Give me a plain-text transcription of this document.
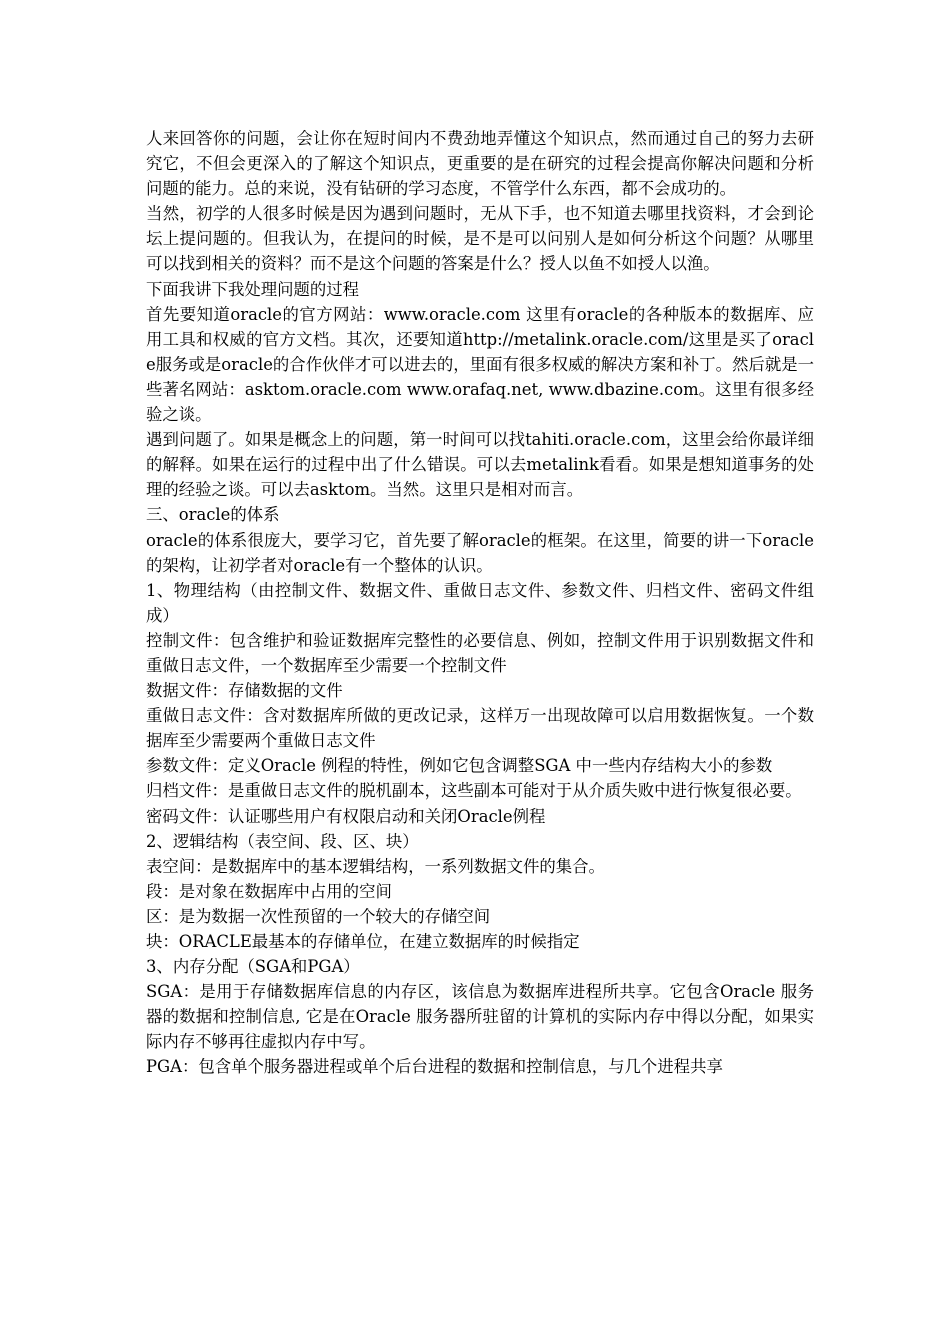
人来回答你的问题，会让你在短时间内不费劲地弄懂这个知识点，然而通过自己的努力去研究它，不但会更深入的了解这个知识点，更重要的是在研究的过程会提高你解决问题和分析问题的能力。总的来说，没有钻研的学习态度，不管学什么东西，都不会成功的。

当然，初学的人很多时候是因为遇到问题时，无从下手，也不知道去哪里找资料，才会到论坛上提问题的。但我认为，在提问的时候，是不是可以问别人是如何分析这个问题？从哪里可以找到相关的资料？而不是这个问题的答案是什么？授人以鱼不如授人以渔。

下面我讲下我处理问题的过程

首先要知道oracle的官方网站：www.oracle.com 这里有oracle的各种版本的数据库、应用工具和权威的官方文档。其次，还要知道http://metalink.oracle.com/这里是买了oracle服务或是oracle的合作伙伴才可以进去的，里面有很多权威的解决方案和补丁。然后就是一些著名网站：asktom.oracle.com www.orafaq.net, www.dbazine.com。这里有很多经验之谈。

遇到问题了。如果是概念上的问题，第一时间可以找tahiti.oracle.com，这里会给你最详细的解释。如果在运行的过程中出了什么错误。可以去metalink看看。如果是想知道事务的处理的经验之谈。可以去asktom。当然。这里只是相对而言。

三、oracle的体系

oracle的体系很庞大，要学习它，首先要了解oracle的框架。在这里，简要的讲一下oracle的架构，让初学者对oracle有一个整体的认识。

1、物理结构（由控制文件、数据文件、重做日志文件、参数文件、归档文件、密码文件组成）

控制文件：包含维护和验证数据库完整性的必要信息、例如，控制文件用于识别数据文件和重做日志文件，一个数据库至少需要一个控制文件

数据文件：存储数据的文件

重做日志文件：含对数据库所做的更改记录，这样万一出现故障可以启用数据恢复。一个数据库至少需要两个重做日志文件

参数文件：定义Oracle 例程的特性，例如它包含调整SGA 中一些内存结构大小的参数

归档文件：是重做日志文件的脱机副本，这些副本可能对于从介质失败中进行恢复很必要。

密码文件：认证哪些用户有权限启动和关闭Oracle例程

2、逻辑结构（表空间、段、区、块）

表空间：是数据库中的基本逻辑结构，一系列数据文件的集合。

段：是对象在数据库中占用的空间

区：是为数据一次性预留的一个较大的存储空间

块：ORACLE最基本的存储单位，在建立数据库的时候指定

3、内存分配（SGA和PGA）

SGA：是用于存储数据库信息的内存区，该信息为数据库进程所共享。它包含Oracle 服务器的数据和控制信息, 它是在Oracle 服务器所驻留的计算机的实际内存中得以分配，如果实际内存不够再往虚拟内存中写。

PGA：包含单个服务器进程或单个后台进程的数据和控制信息，与几个进程共享
